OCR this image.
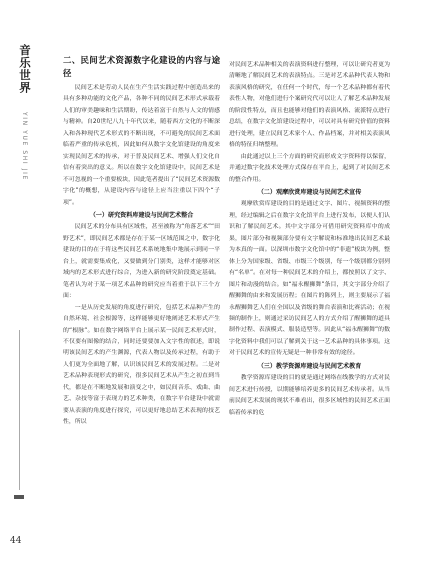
音乐世界
YIN YUE SHI JIE
44
二、民间艺术资源数字化建设的内容与途径

民间艺术是劳动人民在生产生活实践过程中创造出来的具有多种功能的文化产品，各种不同的民间艺术形式承载着人们的审美趣味和生活期盼，传达着富于自然与人文的情感与精神。自20世纪八九十年代以来，随着西方文化的不断深入和各种现代艺术形式的不断出现，不可避免的民间艺术面临着严重的传承危机，因此如何从数字文化馆建设的角度来实现民间艺术的传承，对于普及民间艺术、增强人们文化自信有着突出的意义。所以在数字文化馆建设中，民间艺术是不可忽视的一个重要板块，因此笔者提出了“民间艺术资源数字化”的概想，从建设内容与途径上应当注重以下四个“子项”。

（一）研究资料库建设与民间艺术整合

民间艺术的分布具有区域性，甚至被称为“角落艺术”“田野艺术”，即民间艺术都是存在于某一区域范围之中，数字化建设的目的在于将这些民间艺术系统地集中地展示到同一平台上，就需要集成化，又要做到分门别类，这样才能够对区域内的艺术形式进行综合，为进入新的研究阶段奠定基础。笔者认为对于某一项艺术品种的研究应当着重于以下三个方面：

一是从历史发展的角度进行研究，包括艺术品种产生的自然环境、社会根源等，这样能够更好地阐述艺术形式产生的“根脉”。如在数字网络平台上展示某一民间艺术形式时，不仅要有图像的结合，同时还要要加入文字性的叙述，即说明该民间艺术的产生渊源，代表人物以及传承过程，有助于人们更为全面地了解，认识该民间艺术的发展过程。二是对艺术品种表现形式的研究，很多民间艺术从产生之初直到当代，都是在不断地发展和演变之中，如民间音乐、戏曲、曲艺、杂技等富于表现力的艺术种类，在数字平台建设中就需要从表演的角度进行探究，可以更好地总结艺术表现的技艺性，所以

对民间艺术品种相关的表演资料进行整理，可以让研究者更为清晰地了解民间艺术的表演特点。三是对艺术品种代表人物和表演风格的研究，在任何一个时代，每一个艺术品种都有着代表性人物，对他们进行个案研究代可以让人了解艺术品种发展的阶段性特点，而且也能够对他们的表演风格、流派特点进行总结，在数字文化馆建设过程中，可以对具有研究价值的资料进行处理，建立民间艺术家个人、作品档案，并对相关表演风格的特征归纳整理。

由此通过以上三个方面的研究而形成文字资料得以保留，并通过数字化技术处理方式保存在平台上，起到了对民间艺术的整合作用。

（二）观摩欣赏库建设与民间艺术宣传

观摩欣赏库建设的目的是通过文字、图片、视频资料的整理，经过编辑之后在数字文化馆平台上进行发布，以便人们认识和了解民间艺术。其中文字部分可借用研究资料库中的成果，图片部分和视频部分要有文字解说和标准地出民间艺术最为本真的一面。以深圳市数字文化馆中的“非遗”板块为例，整体上分为国家级、省级、市级三个级别，每一个级别都分别列有“名单”。在对每一种民间艺术的介绍上，都按照以了文字、图片和动漫的结合。如“福永醒狮舞”条目，其文字部分介绍了醒狮舞的由来和发展历程；在图片的陈列上，则主要展示了福永醒狮舞艺人们在全国以及省级的舞台表演和比赛活动；在视频的制作上，则通过采访民间艺人的方式介绍了醒狮舞的道具制作过程、表演模式、服装造型等。因此从“福永醒狮舞”的数字化资料中我们可以了解到关于这一艺术品种的具体事项。这对于民间艺术的宣传无疑是一种非常有效的途径。

（三）教学资源库建设与民间艺术教育

教学资源库建设的目的就是通过网络在线教学的方式对民间艺术进行传授，以期能够培养更多的民间艺术传承者。从当前民间艺术发展的现状不难看出，很多区域性的民间艺术正面临着传承的危
